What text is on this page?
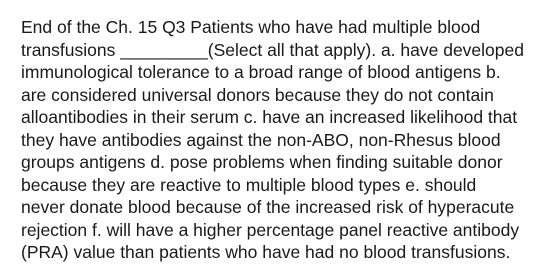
End of the Ch. 15 Q3 Patients who have had multiple blood
transfusions _________(Select all that apply). a. have developed
immunological tolerance to a broad range of blood antigens b.
are considered universal donors because they do not contain
alloantibodies in their serum c. have an increased likelihood that
they have antibodies against the non-ABO, non-Rhesus blood
groups antigens d. pose problems when finding suitable donor
because they are reactive to multiple blood types e. should
never donate blood because of the increased risk of hyperacute
rejection f. will have a higher percentage panel reactive antibody
(PRA) value than patients who have had no blood transfusions.
